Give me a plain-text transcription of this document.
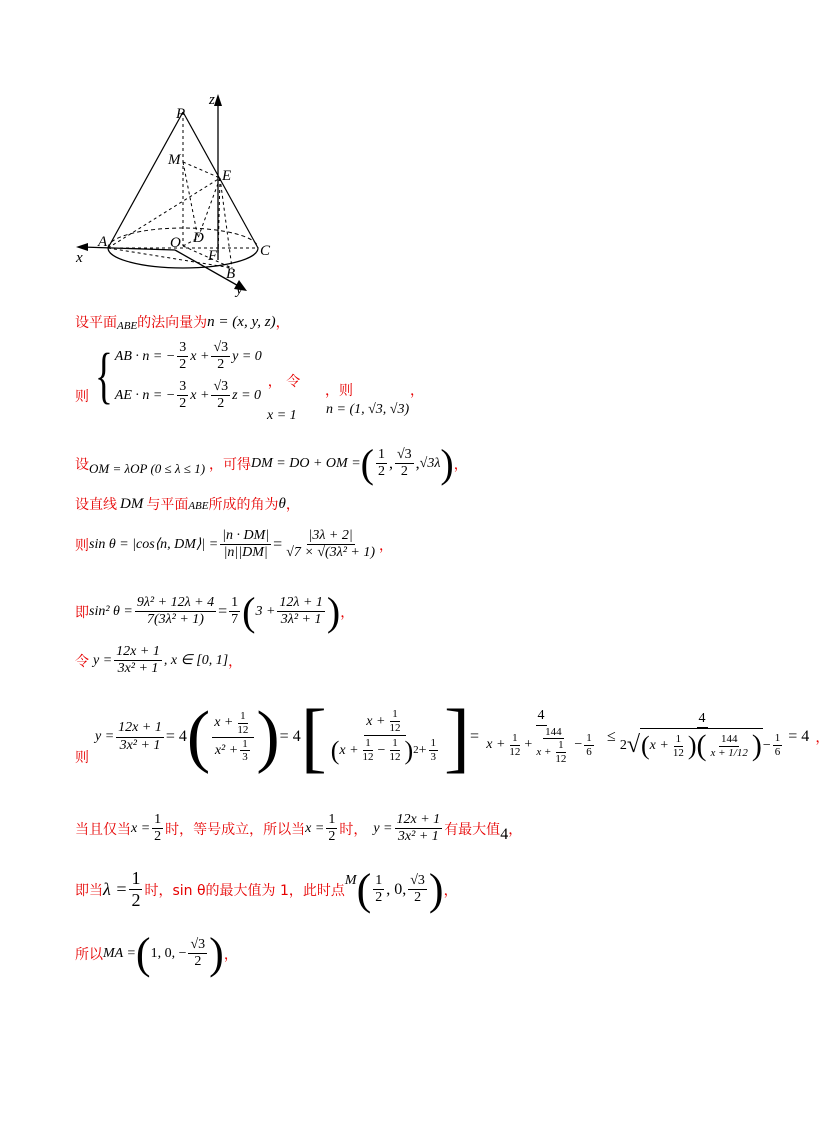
P
M
E
A	O D
F	C
B
x
y
z
设平面 ABE 的法向量为 n = (x, y, z) ，
则 { AB · n = − $\frac{3}{2}$ $x + \frac{√3}{2}$ y = 0
AE · n = − $\frac{3}{2}$ $x + \frac{√3}{2}$ z = 0
， 令
x = 1
，则
n = (1, √3, √3)
，
设 OM = λOP (0 ≤ λ ≤ 1) ，可得 DM = DO + OM = ( $\frac{1}{2}$ , $\frac{√3}{2}$ , √3λ ) ，
设直线 DM 与平面 ABE 所成的角为 θ ，
则 sin θ = |cos⟨n, DM⟩| = $\frac{|n \cdot DM|}{|n||DM|} = \frac{|3\lambda + 2|}{\text{√7 × √(3λ² + 1)}}$ ，
即 sin² $\theta = \frac{\text{9λ² + 12λ + 4}}{\text{7(3λ² + 1)}} = \frac{1}{7}$ ( $3 + \frac{12\lambda + 1}{\text{3λ² + 1}}$ ) ，
令 $y = \frac{12x + 1}{\text{3x² + 1}}$ , x ∈ [0, 1] ，
则
$y = \frac{12x + 1}{\text{3x² + 1}} = 4$ ( $\frac{x + \frac{1}{12}}{x^2 + \frac{1}{3}}$ ) = 4 [ $\frac{x + \frac{1}{12}}{( x + \frac{1}{12} - \frac{1}{12} ) 2 + \frac{1}{3}}$ ] = $\frac{4}{x + \frac{1}{12} + \frac{144}{x + \frac{1}{12}} - \frac{1}{6}} \le \frac{4}{2 √ ( x + \frac{1}{12} ) ( \frac{144}{x + 1/12} ) - \frac{1}{6}} = 4$ ，
当且仅当 $x = \frac{1}{2}$ 时，等号成立，所以当 $x = \frac{1}{2}$ 时， $y = \frac{12x + 1}{\text{3x² + 1}}$ 有最大值 4 ，
即当 $\lambda = \frac{1}{2}$ 时，sin θ的最大值为 1，此时点
M ( $\frac{1}{2}$ , 0, $\frac{√3}{2}$ ) ，
所以 MA = ( 1, 0, − $\frac{√3}{2}$ ) ，
